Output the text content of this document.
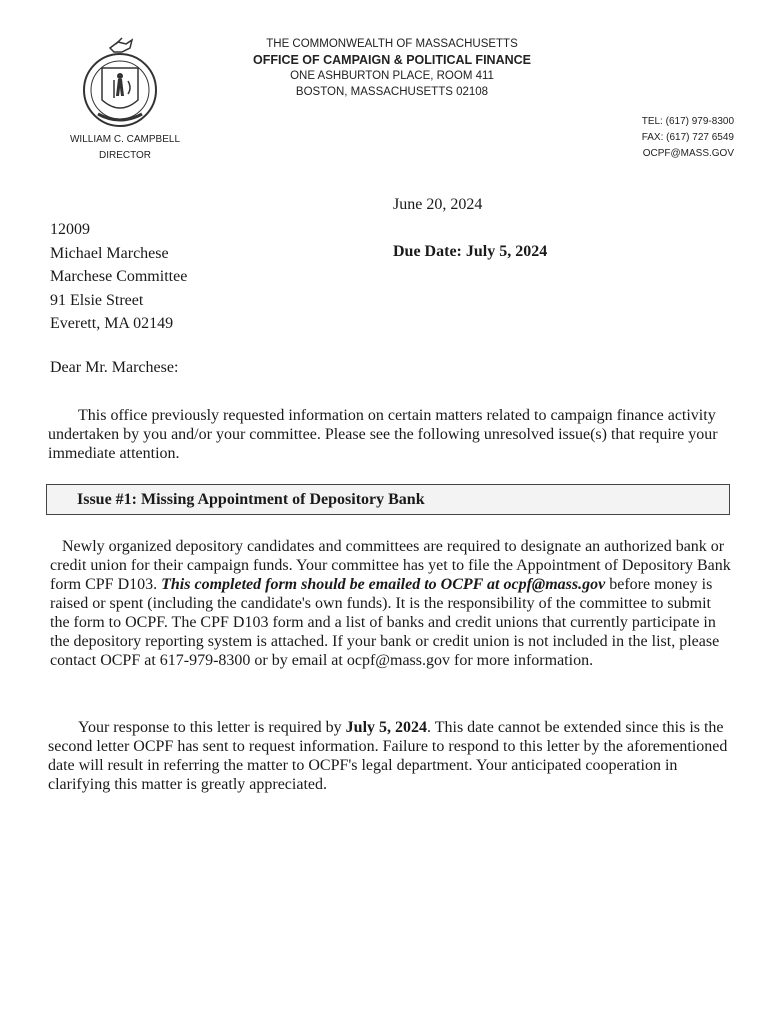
THE COMMONWEALTH OF MASSACHUSETTS
OFFICE OF CAMPAIGN & POLITICAL FINANCE
ONE ASHBURTON PLACE, ROOM 411
BOSTON, MASSACHUSETTS 02108
WILLIAM C. CAMPBELL
DIRECTOR
TEL: (617) 979-8300
FAX: (617) 727 6549
OCPF@MASS.GOV
June 20, 2024
Due Date: July 5, 2024
12009
Michael Marchese
Marchese Committee
91 Elsie Street
Everett, MA 02149
Dear Mr. Marchese:
This office previously requested information on certain matters related to campaign finance activity undertaken by you and/or your committee. Please see the following unresolved issue(s) that require your immediate attention.
Issue #1: Missing Appointment of Depository Bank
Newly organized depository candidates and committees are required to designate an authorized bank or credit union for their campaign funds. Your committee has yet to file the Appointment of Depository Bank form CPF D103. This completed form should be emailed to OCPF at ocpf@mass.gov before money is raised or spent (including the candidate's own funds). It is the responsibility of the committee to submit the form to OCPF. The CPF D103 form and a list of banks and credit unions that currently participate in the depository reporting system is attached. If your bank or credit union is not included in the list, please contact OCPF at 617-979-8300 or by email at ocpf@mass.gov for more information.
Your response to this letter is required by July 5, 2024. This date cannot be extended since this is the second letter OCPF has sent to request information. Failure to respond to this letter by the aforementioned date will result in referring the matter to OCPF's legal department. Your anticipated cooperation in clarifying this matter is greatly appreciated.
